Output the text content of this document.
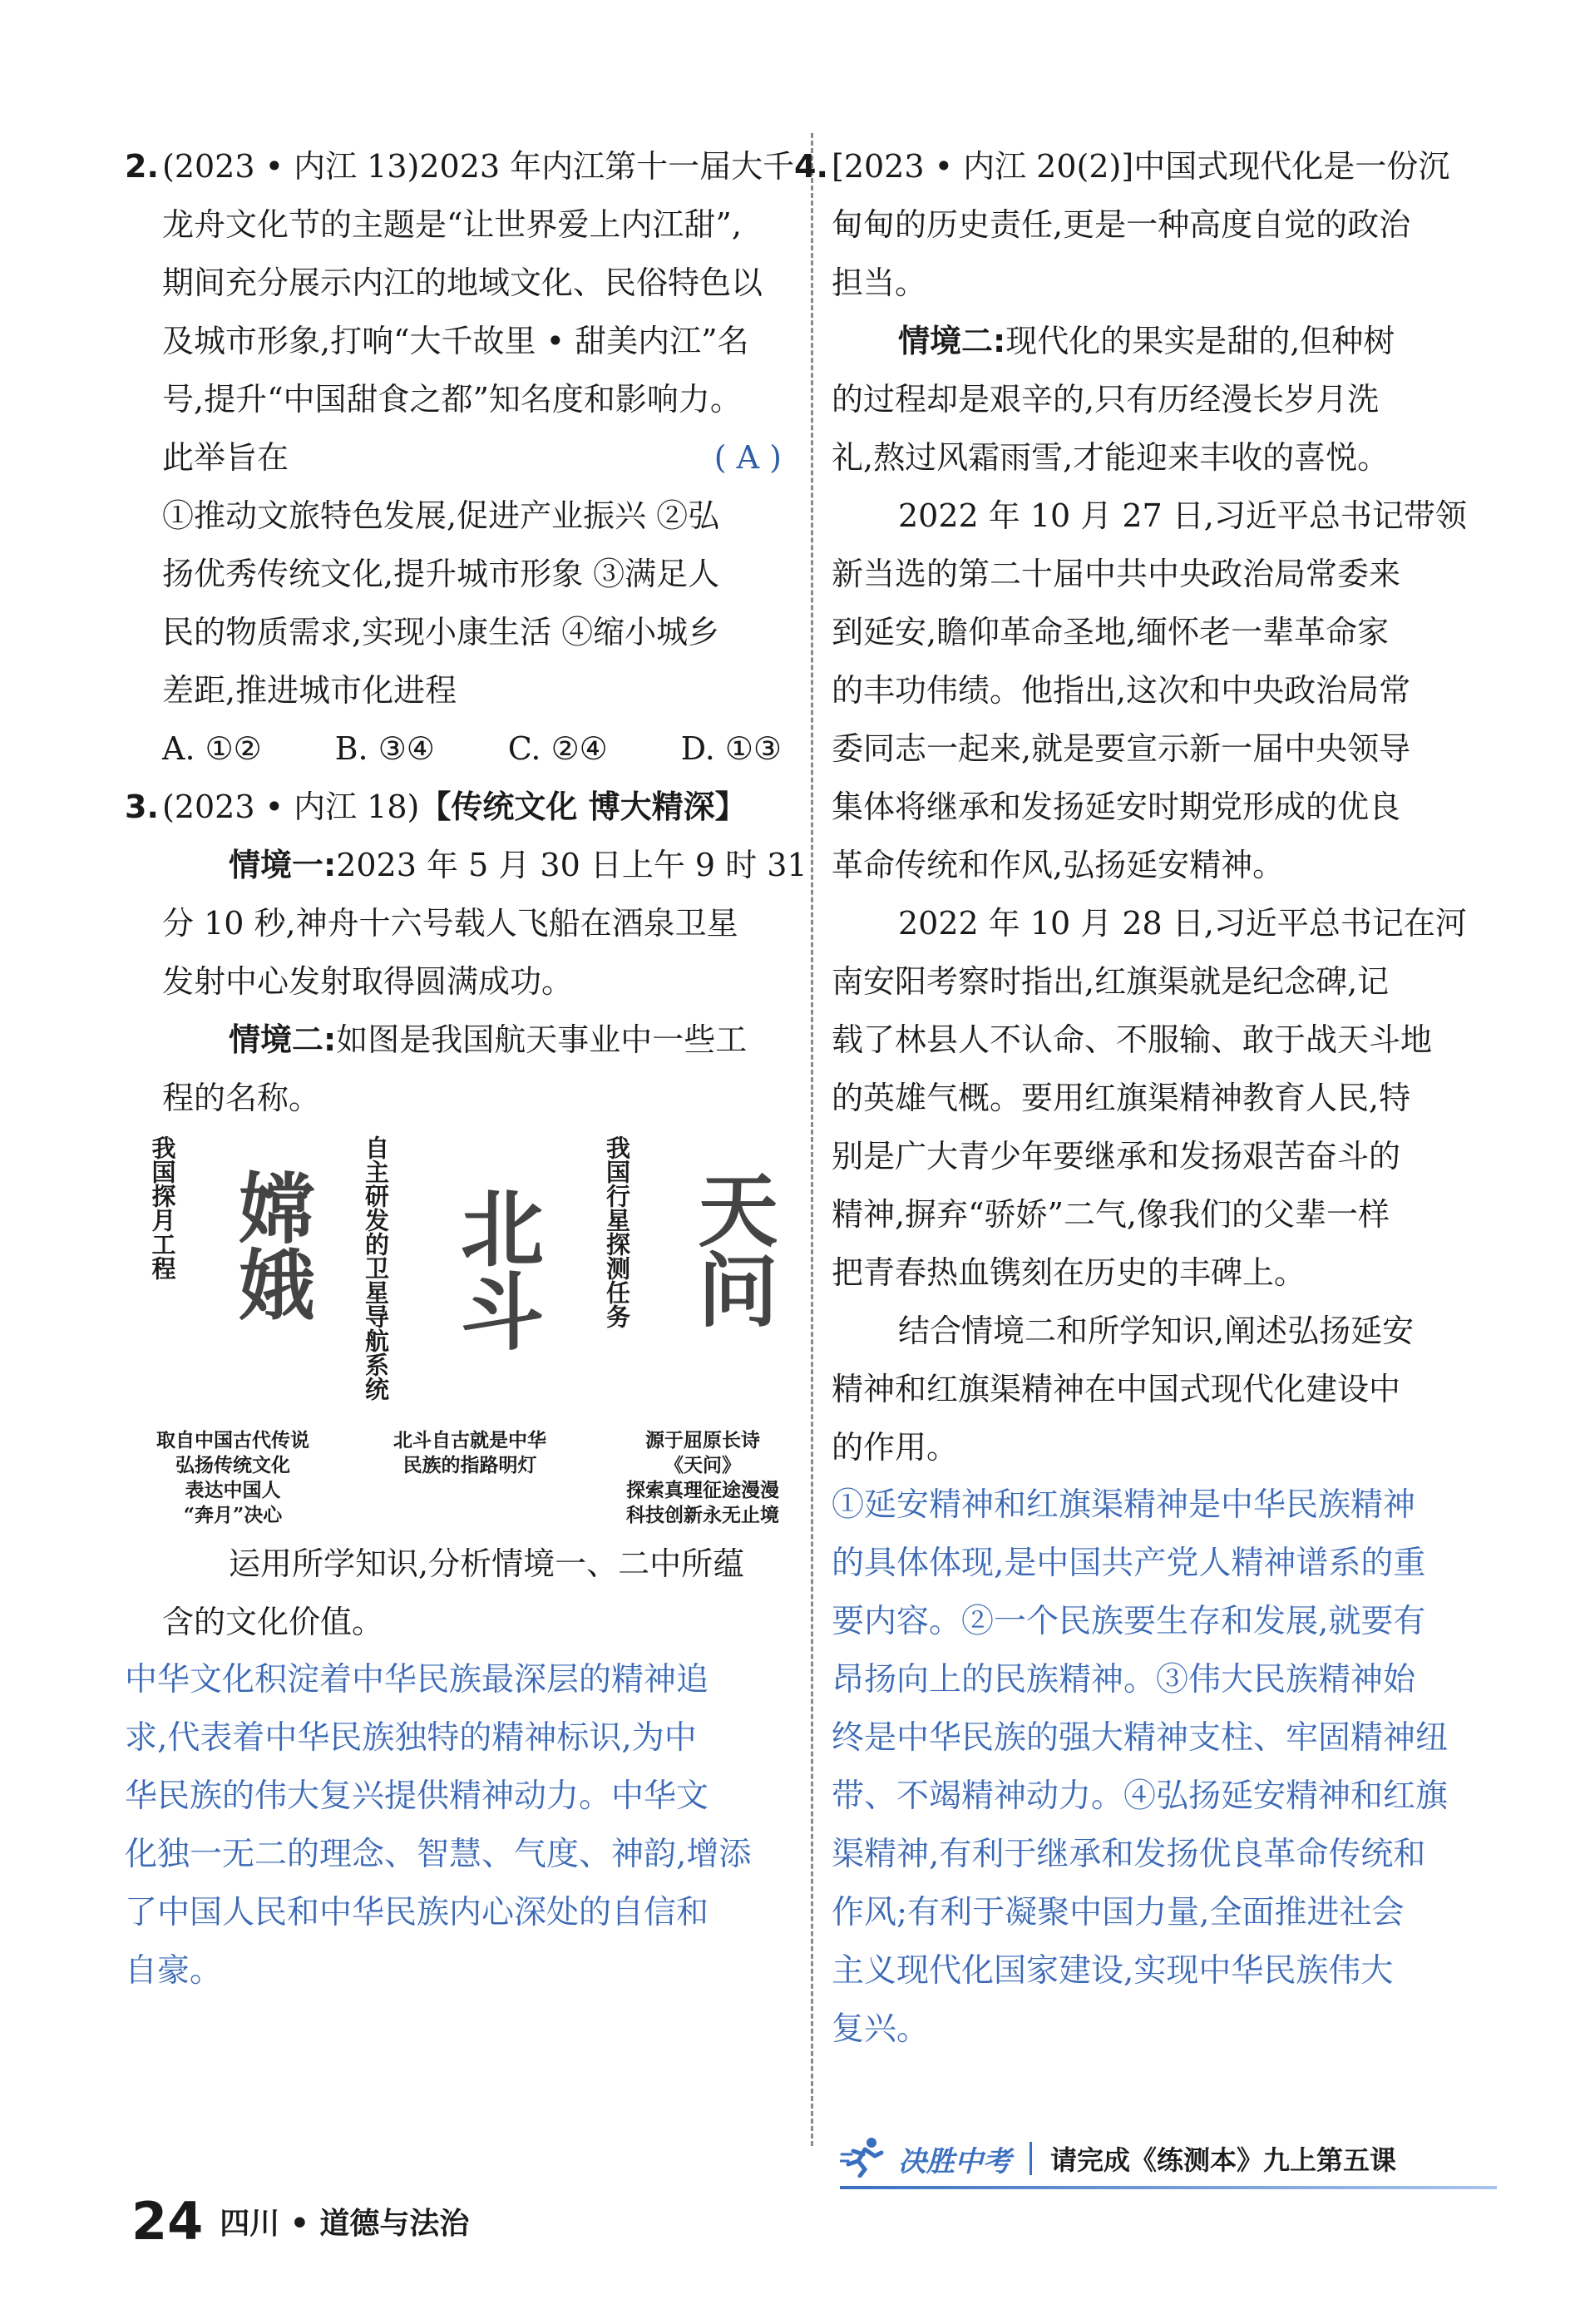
2. (2023 • 内江 13)2023 年内江第十一届大千
龙舟文化节的主题是“让世界爱上内江甜”,
期间充分展示内江的地域文化、民俗特色以
及城市形象,打响“大千故里 • 甜美内江”名
号,提升“中国甜食之都”知名度和影响力。
此举旨在	( A )
①推动文旅特色发展,促进产业振兴 ②弘
扬优秀传统文化,提升城市形象 ③满足人
民的物质需求,实现小康生活 ④缩小城乡
差距,推进城市化进程
A. ①② B. ③④ C. ②④ D. ①③
3. (2023 • 内江 18)【传统文化 博大精深】
情境一:2023 年 5 月 30 日上午 9 时 31
分 10 秒,神舟十六号载人飞船在酒泉卫星
发射中心发射取得圆满成功。
情境二:如图是我国航天事业中一些工
程的名称。
我国探月工程 嫦娥
取自中国古代传说
弘扬传统文化
表达中国人
“奔月”决心
自主研发的卫星导航系统 北斗
北斗自古就是中华
民族的指路明灯
我国行星探测任务 天问
源于屈原长诗
《天问》
探索真理征途漫漫
科技创新永无止境
运用所学知识,分析情境一、二中所蕴
含的文化价值。
中华文化积淀着中华民族最深层的精神追
求,代表着中华民族独特的精神标识,为中
华民族的伟大复兴提供精神动力。中华文
化独一无二的理念、智慧、气度、神韵,增添
了中国人民和中华民族内心深处的自信和
自豪。
4. [2023 • 内江 20(2)]中国式现代化是一份沉
甸甸的历史责任,更是一种高度自觉的政治
担当。
情境二:现代化的果实是甜的,但种树
的过程却是艰辛的,只有历经漫长岁月洗
礼,熬过风霜雨雪,才能迎来丰收的喜悦。
2022 年 10 月 27 日,习近平总书记带领
新当选的第二十届中共中央政治局常委来
到延安,瞻仰革命圣地,缅怀老一辈革命家
的丰功伟绩。他指出,这次和中央政治局常
委同志一起来,就是要宣示新一届中央领导
集体将继承和发扬延安时期党形成的优良
革命传统和作风,弘扬延安精神。
2022 年 10 月 28 日,习近平总书记在河
南安阳考察时指出,红旗渠就是纪念碑,记
载了林县人不认命、不服输、敢于战天斗地
的英雄气概。要用红旗渠精神教育人民,特
别是广大青少年要继承和发扬艰苦奋斗的
精神,摒弃“骄娇”二气,像我们的父辈一样
把青春热血镌刻在历史的丰碑上。
结合情境二和所学知识,阐述弘扬延安
精神和红旗渠精神在中国式现代化建设中
的作用。
①延安精神和红旗渠精神是中华民族精神
的具体体现,是中国共产党人精神谱系的重
要内容。②一个民族要生存和发展,就要有
昂扬向上的民族精神。③伟大民族精神始
终是中华民族的强大精神支柱、牢固精神纽
带、不竭精神动力。④弘扬延安精神和红旗
渠精神,有利于继承和发扬优良革命传统和
作风;有利于凝聚中国力量,全面推进社会
主义现代化国家建设,实现中华民族伟大
复兴。
决胜中考 请完成《练测本》九上第五课
24 四川 • 道德与法治
